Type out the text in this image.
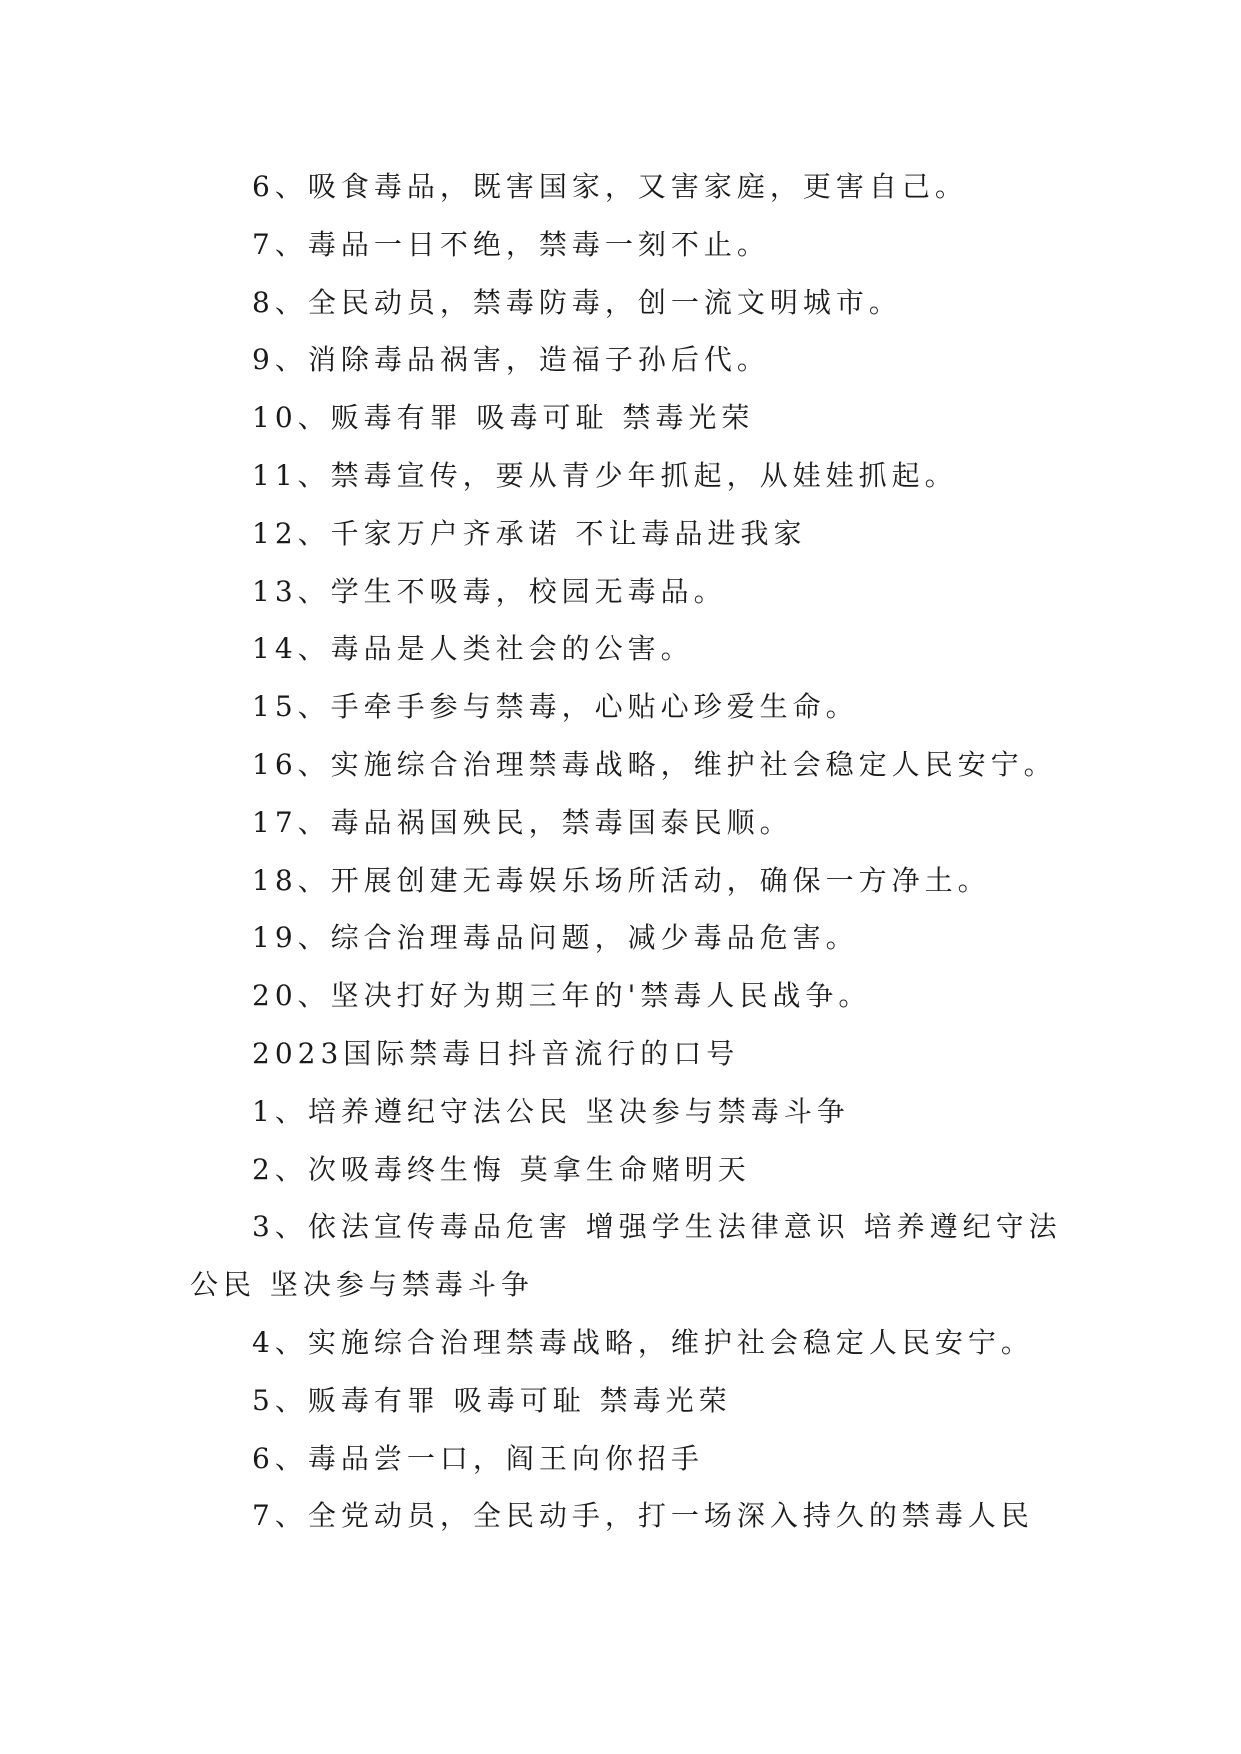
6、吸食毒品，既害国家，又害家庭，更害自己。
7、毒品一日不绝，禁毒一刻不止。
8、全民动员，禁毒防毒，创一流文明城市。
9、消除毒品祸害，造福子孙后代。
10、贩毒有罪 吸毒可耻 禁毒光荣
11、禁毒宣传，要从青少年抓起，从娃娃抓起。
12、千家万户齐承诺 不让毒品进我家
13、学生不吸毒，校园无毒品。
14、毒品是人类社会的公害。
15、手牵手参与禁毒，心贴心珍爱生命。
16、实施综合治理禁毒战略，维护社会稳定人民安宁。
17、毒品祸国殃民，禁毒国泰民顺。
18、开展创建无毒娱乐场所活动，确保一方净土。
19、综合治理毒品问题，减少毒品危害。
20、坚决打好为期三年的'禁毒人民战争。
2023国际禁毒日抖音流行的口号
1、培养遵纪守法公民 坚决参与禁毒斗争
2、次吸毒终生悔 莫拿生命赌明天
3、依法宣传毒品危害 增强学生法律意识 培养遵纪守法公民 坚决参与禁毒斗争
4、实施综合治理禁毒战略，维护社会稳定人民安宁。
5、贩毒有罪 吸毒可耻 禁毒光荣
6、毒品尝一口，阎王向你招手
7、全党动员，全民动手，打一场深入持久的禁毒人民
